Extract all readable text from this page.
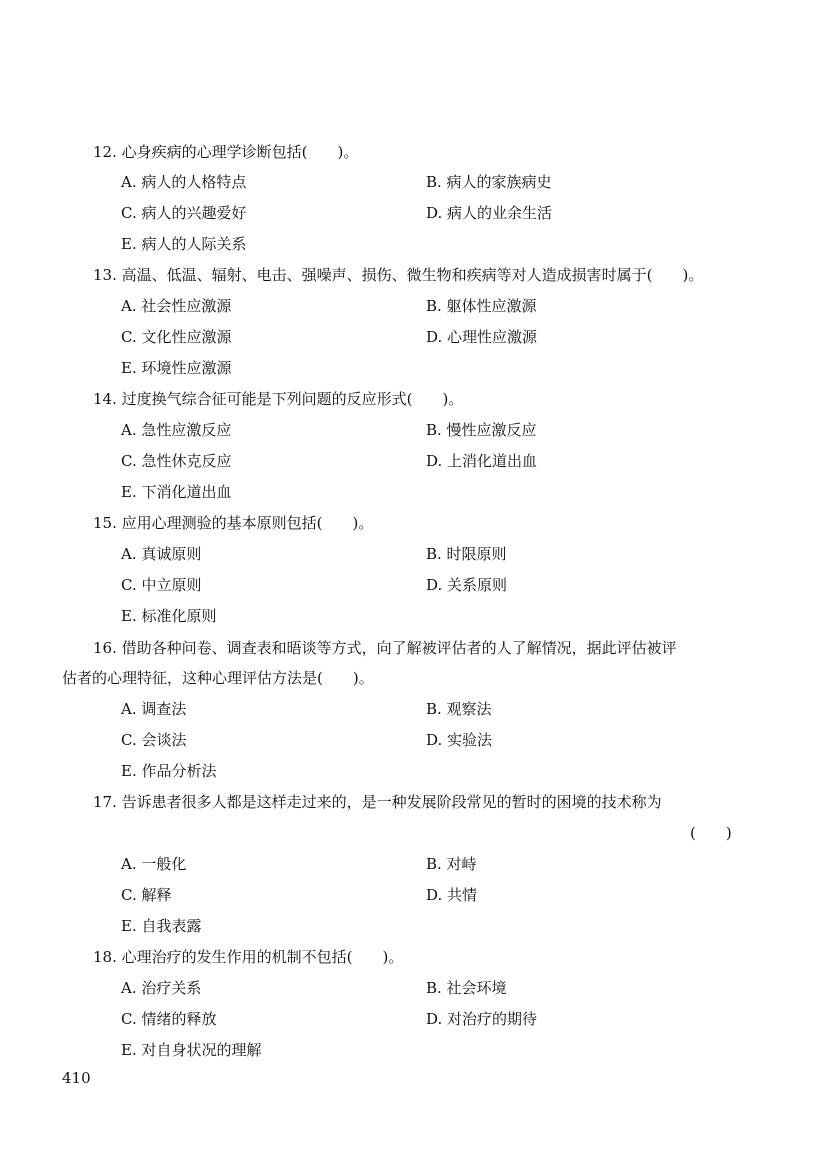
12. 心身疾病的心理学诊断包括(　　)。
A. 病人的人格特点	B. 病人的家族病史
C. 病人的兴趣爱好	D. 病人的业余生活
E. 病人的人际关系
13. 高温、低温、辐射、电击、强噪声、损伤、微生物和疾病等对人造成损害时属于(　　)。
A. 社会性应激源	B. 躯体性应激源
C. 文化性应激源	D. 心理性应激源
E. 环境性应激源
14. 过度换气综合征可能是下列问题的反应形式(　　)。
A. 急性应激反应	B. 慢性应激反应
C. 急性休克反应	D. 上消化道出血
E. 下消化道出血
15. 应用心理测验的基本原则包括(　　)。
A. 真诚原则	B. 时限原则
C. 中立原则	D. 关系原则
E. 标准化原则
16. 借助各种问卷、调查表和晤谈等方式，向了解被评估者的人了解情况，据此评估被评
估者的心理特征，这种心理评估方法是(　　)。
A. 调查法	B. 观察法
C. 会谈法	D. 实验法
E. 作品分析法
17. 告诉患者很多人都是这样走过来的，是一种发展阶段常见的暂时的困境的技术称为
(　　)
A. 一般化	B. 对峙
C. 解释	D. 共情
E. 自我表露
18. 心理治疗的发生作用的机制不包括(　　)。
A. 治疗关系	B. 社会环境
C. 情绪的释放	D. 对治疗的期待
E. 对自身状况的理解
410
